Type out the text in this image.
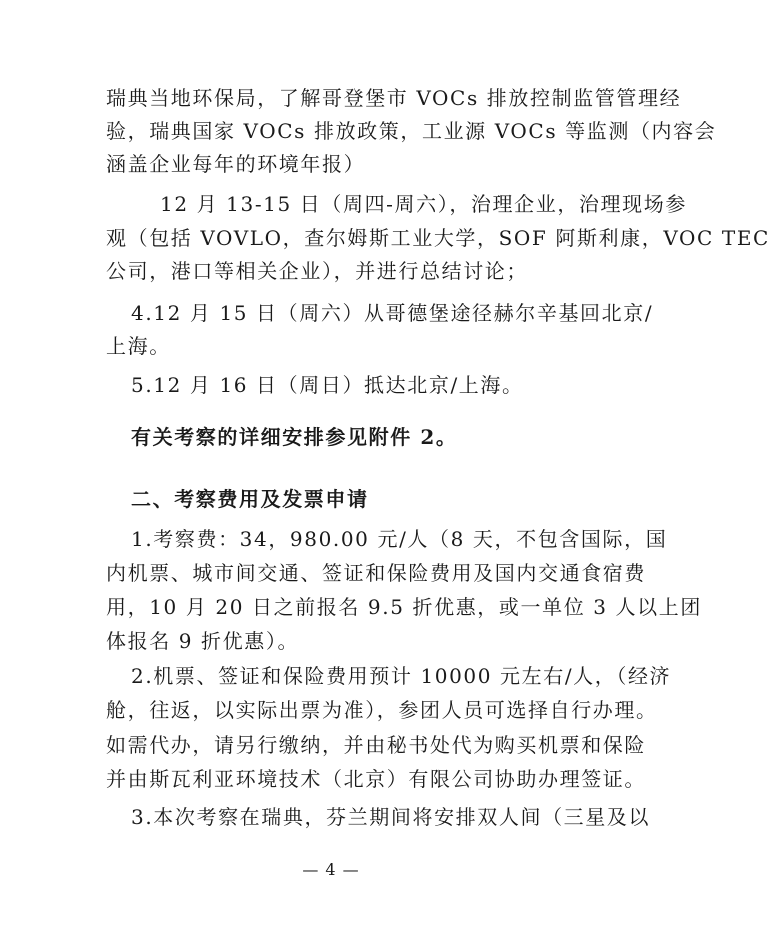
瑞典当地环保局，了解哥登堡市 VOCs 排放控制监管管理经
验，瑞典国家 VOCs 排放政策，工业源 VOCs 等监测（内容会
涵盖企业每年的环境年报）
12 月 13-15 日（周四-周六），治理企业，治理现场参
观（包括 VOVLO，查尔姆斯工业大学，SOF 阿斯利康，VOC TEC
公司，港口等相关企业），并进行总结讨论；
4.12 月 15 日（周六）从哥德堡途径赫尔辛基回北京/
上海。
5.12 月 16 日（周日）抵达北京/上海。
有关考察的详细安排参见附件 2。
二、考察费用及发票申请
1.考察费：34，980.00 元/人（8 天，不包含国际，国
内机票、城市间交通、签证和保险费用及国内交通食宿费
用，10 月 20 日之前报名 9.5 折优惠，或一单位 3 人以上团
体报名 9 折优惠）。
2.机票、签证和保险费用预计 10000 元左右/人，（经济
舱，往返，以实际出票为准），参团人员可选择自行办理。
如需代办，请另行缴纳，并由秘书处代为购买机票和保险
并由斯瓦利亚环境技术（北京）有限公司协助办理签证。
3.本次考察在瑞典，芬兰期间将安排双人间（三星及以
— 4 —
